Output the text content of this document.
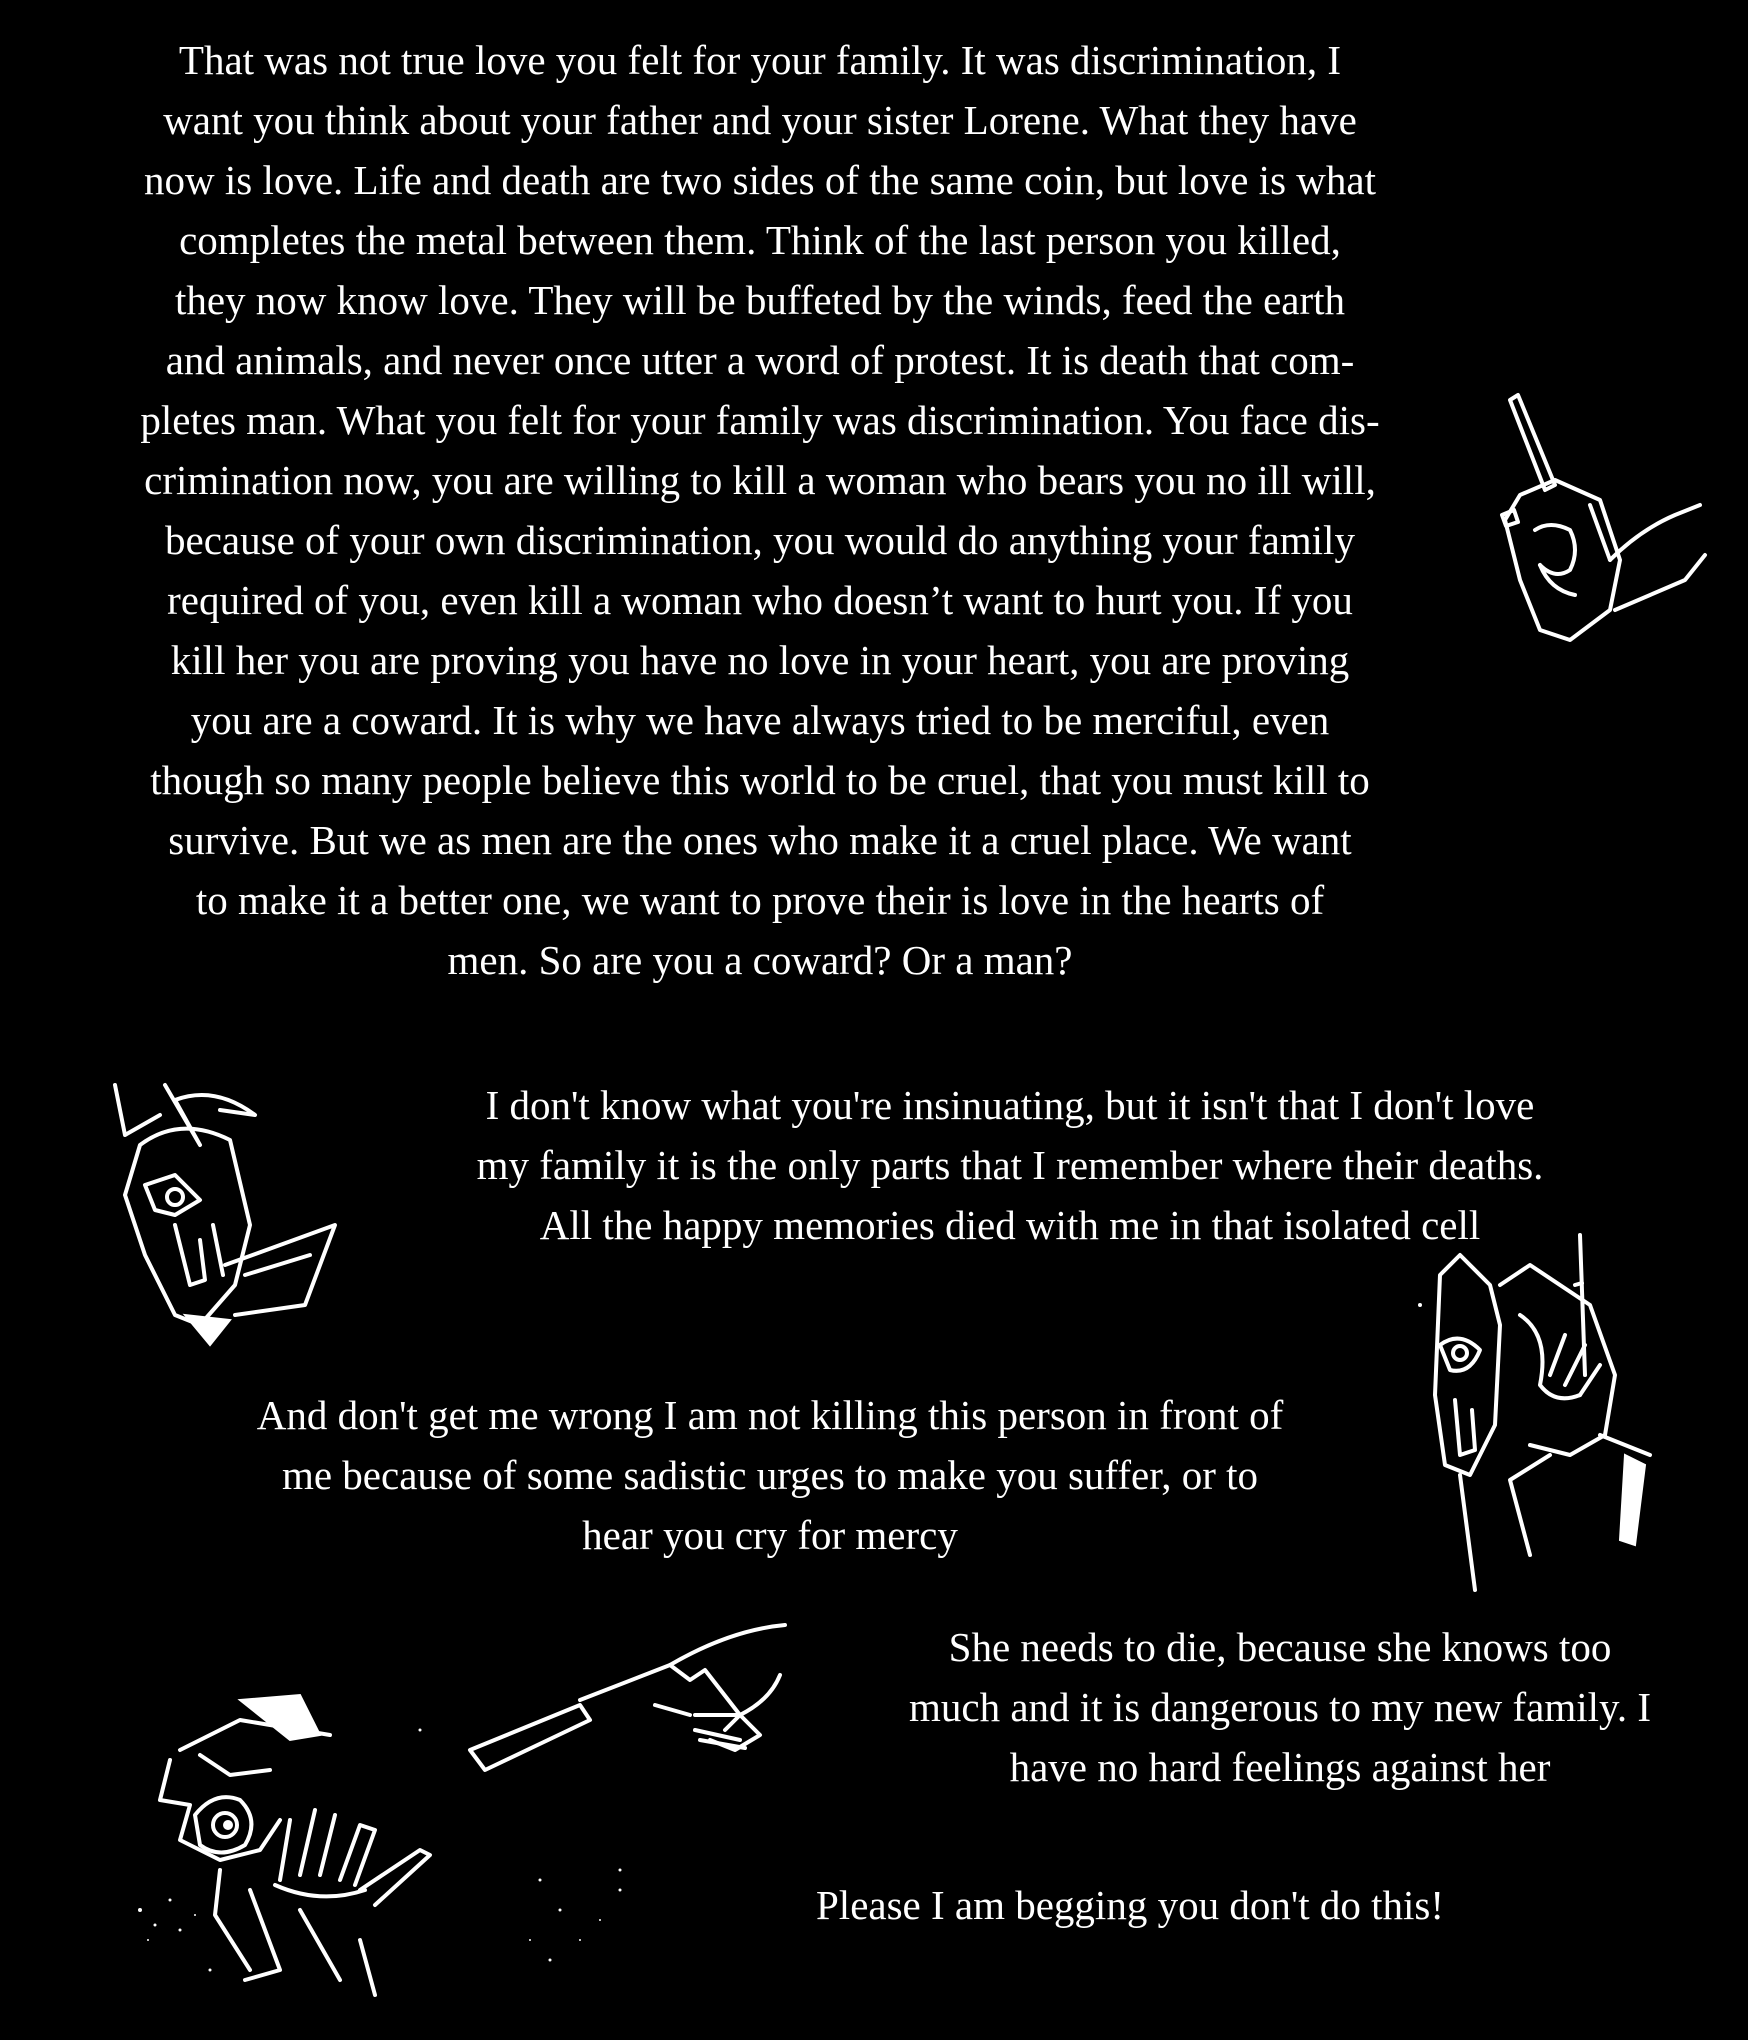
That was not true love you felt for your family. It was discrimination, I
want you think about your father and your sister Lorene. What they have
now is love. Life and death are two sides of the same coin, but love is what
completes the metal between them. Think of the last person you killed,
they now know love. They will be buffeted by the winds, feed the earth
and animals, and never once utter a word of protest. It is death that com-
pletes man. What you felt for your family was discrimination. You face dis-
crimination now, you are willing to kill a woman who bears you no ill will,
because of your own discrimination, you would do anything your family
required of you, even kill a woman who doesn’t want to hurt you. If you
kill her you are proving you have no love in your heart, you are proving
you are a coward. It is why we have always tried to be merciful, even
though so many people believe this world to be cruel, that you must kill to
survive. But we as men are the ones who make it a cruel place. We want
to make it a better one, we want to prove their is love in the hearts of
men. So are you a coward? Or a man?
I don't know what you're insinuating, but it isn't that I don't love
my family it is the only parts that I remember where their deaths.
All the happy memories died with me in that isolated cell
And don't get me wrong I am not killing this person in front of
me because of some sadistic urges to make you suffer, or to
hear you cry for mercy
She needs to die, because she knows too
much and it is dangerous to my new family. I
have no hard feelings against her
Please I am begging you don't do this!
